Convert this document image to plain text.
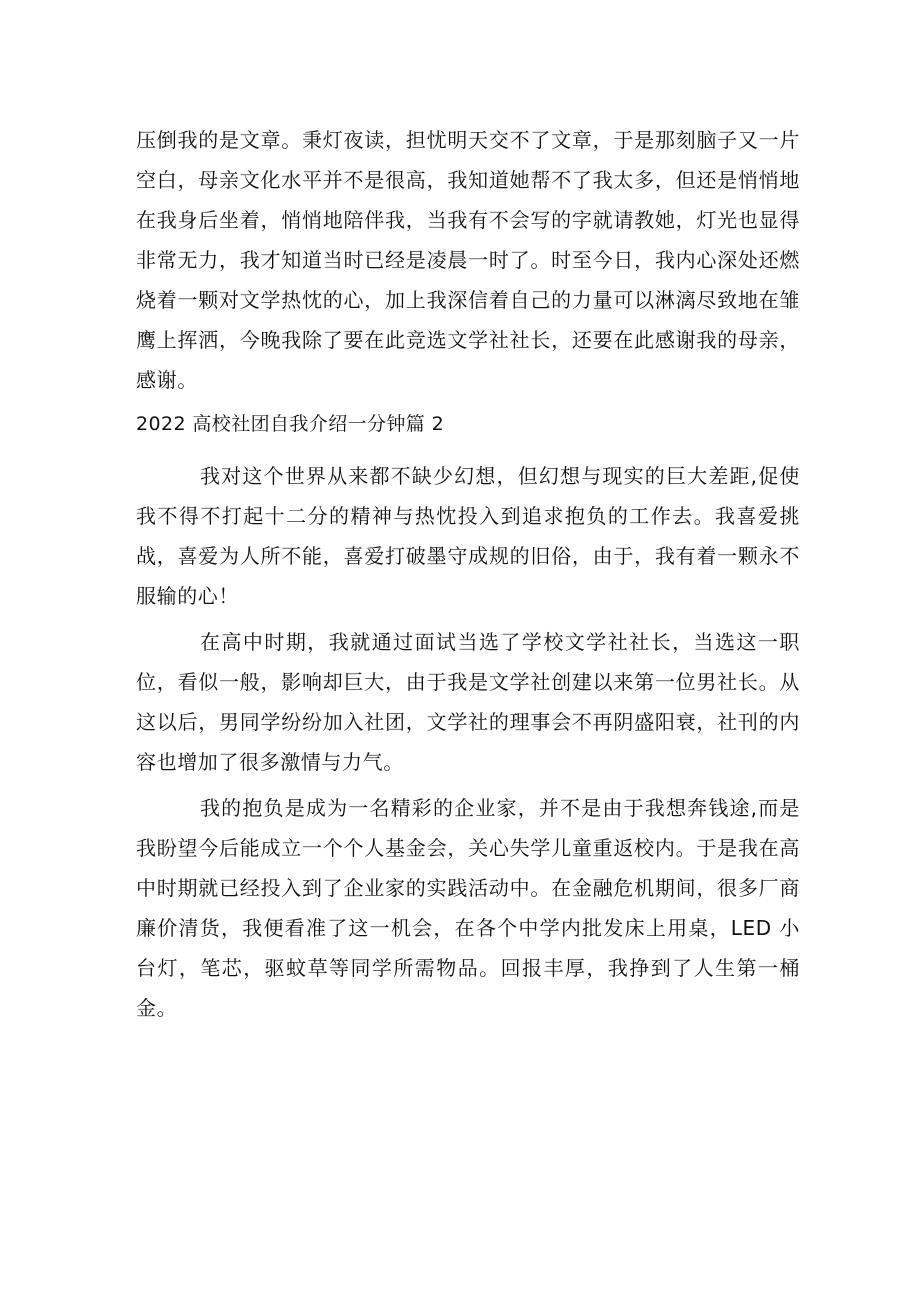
压倒我的是文章。秉灯夜读，担忧明天交不了文章，于是那刻脑子又一片空白，母亲文化水平并不是很高，我知道她帮不了我太多，但还是悄悄地在我身后坐着，悄悄地陪伴我，当我有不会写的字就请教她，灯光也显得非常无力，我才知道当时已经是凌晨一时了。时至今日，我内心深处还燃烧着一颗对文学热忱的心，加上我深信着自己的力量可以淋漓尽致地在雏鹰上挥洒，今晚我除了要在此竞选文学社社长，还要在此感谢我的母亲，感谢。

2022 高校社团自我介绍一分钟篇 2

我对这个世界从来都不缺少幻想，但幻想与现实的巨大差距,促使我不得不打起十二分的精神与热忱投入到追求抱负的工作去。我喜爱挑战，喜爱为人所不能，喜爱打破墨守成规的旧俗，由于，我有着一颗永不服输的心！

在高中时期，我就通过面试当选了学校文学社社长，当选这一职位，看似一般，影响却巨大，由于我是文学社创建以来第一位男社长。从这以后，男同学纷纷加入社团，文学社的理事会不再阴盛阳衰，社刊的内容也增加了很多激情与力气。

我的抱负是成为一名精彩的企业家，并不是由于我想奔钱途,而是我盼望今后能成立一个个人基金会，关心失学儿童重返校内。于是我在高中时期就已经投入到了企业家的实践活动中。在金融危机期间，很多厂商廉价清货，我便看准了这一机会，在各个中学内批发床上用桌，LED 小台灯，笔芯，驱蚊草等同学所需物品。回报丰厚，我挣到了人生第一桶金。
